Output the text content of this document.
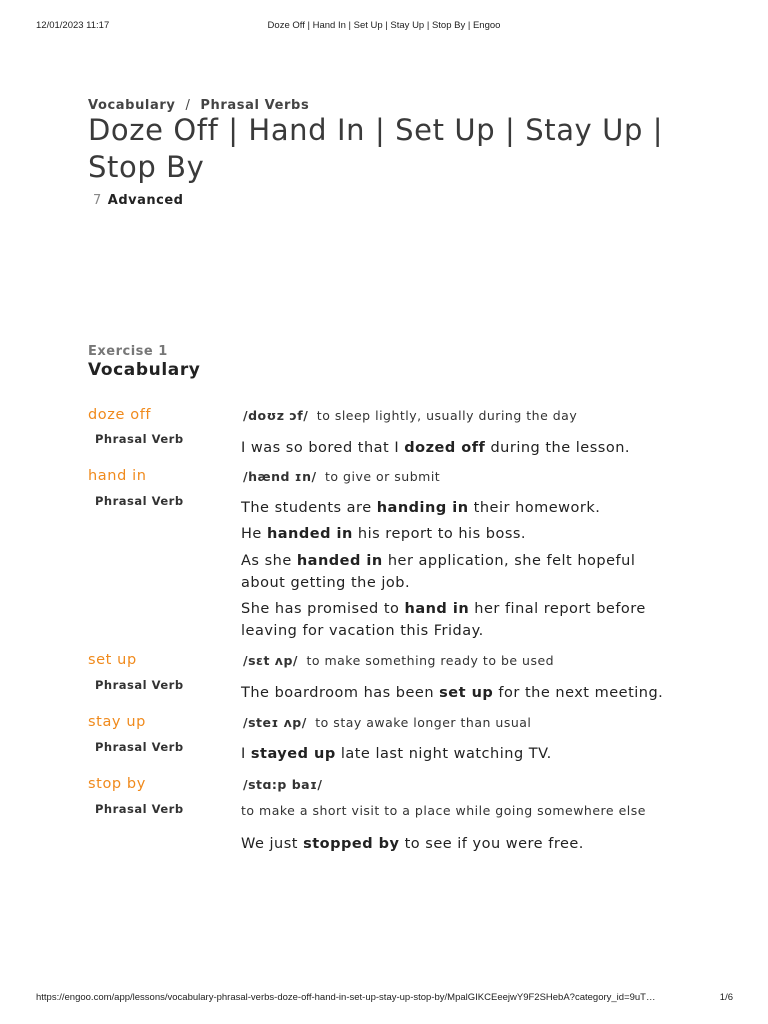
12/01/2023 11:17	Doze Off | Hand In | Set Up | Stay Up | Stop By | Engoo
Vocabulary / Phrasal Verbs
Doze Off | Hand In | Set Up | Stay Up | Stop By
7 Advanced
Exercise 1
Vocabulary
doze off
Phrasal Verb
/doʊz ɔf/ to sleep lightly, usually during the day
I was so bored that I dozed off during the lesson.
hand in
Phrasal Verb
/hænd ɪn/ to give or submit
The students are handing in their homework.
He handed in his report to his boss.
As she handed in her application, she felt hopeful about getting the job.
She has promised to hand in her final report before leaving for vacation this Friday.
set up
Phrasal Verb
/sɛt ʌp/ to make something ready to be used
The boardroom has been set up for the next meeting.
stay up
Phrasal Verb
/steɪ ʌp/ to stay awake longer than usual
I stayed up late last night watching TV.
stop by
Phrasal Verb
/stɑ:p baɪ/
to make a short visit to a place while going somewhere else
We just stopped by to see if you were free.
https://engoo.com/app/lessons/vocabulary-phrasal-verbs-doze-off-hand-in-set-up-stay-up-stop-by/MpalGIKCEeejwY9F2SHebA?category_id=9uT…	1/6
